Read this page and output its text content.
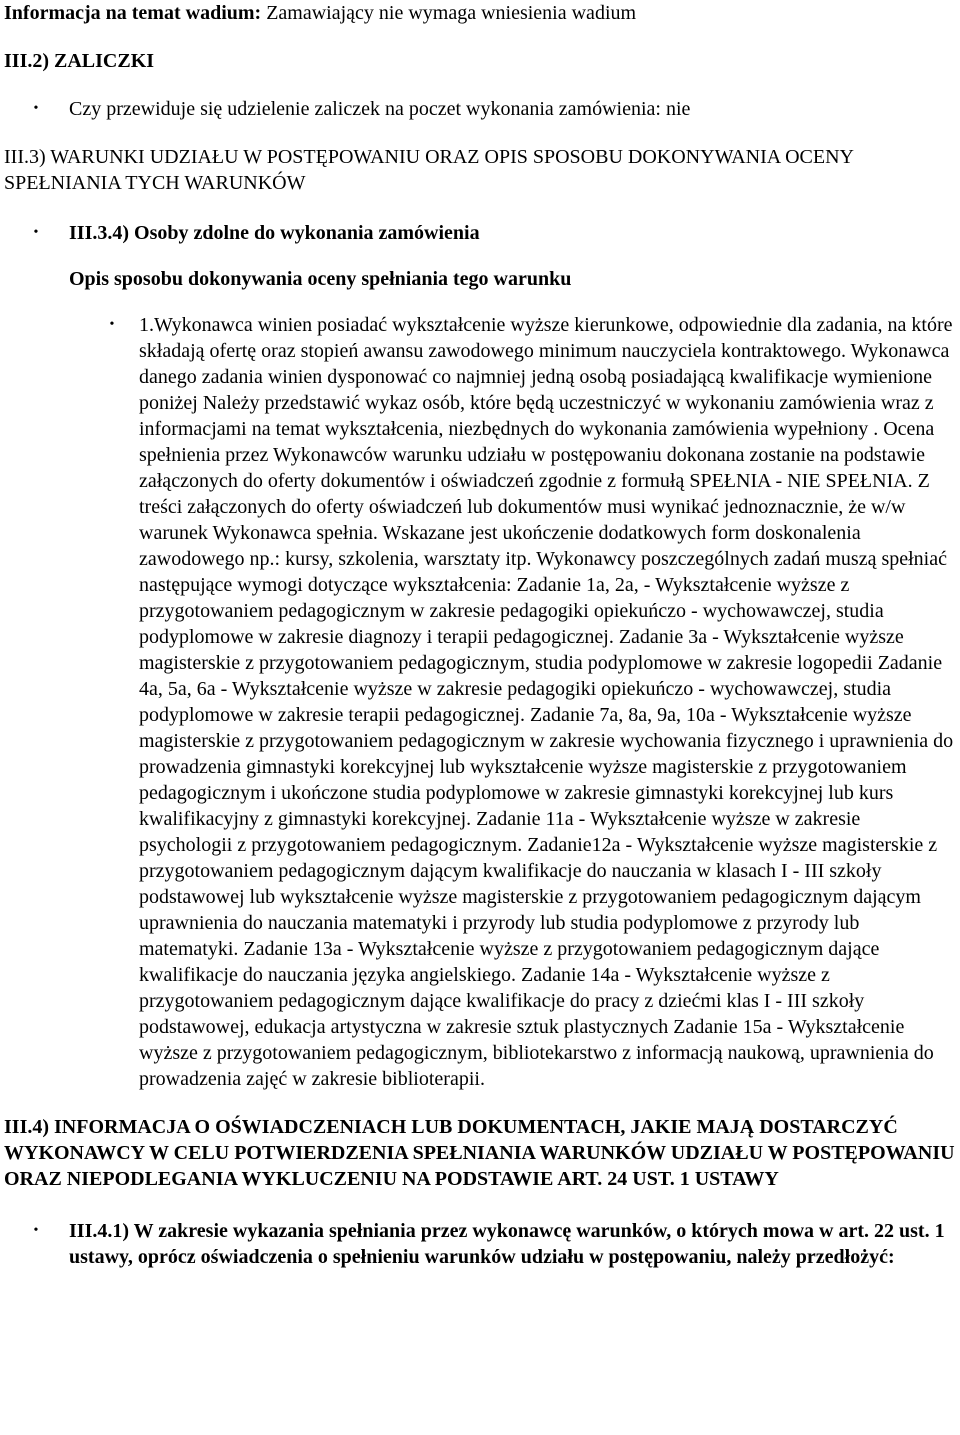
Informacja na temat wadium: Zamawiający nie wymaga wniesienia wadium

III.2) ZALICZKI

• Czy przewiduje się udzielenie zaliczek na poczet wykonania zamówienia: nie

III.3) WARUNKI UDZIAŁU W POSTĘPOWANIU ORAZ OPIS SPOSOBU DOKONYWANIA OCENY SPEŁNIANIA TYCH WARUNKÓW

• III.3.4) Osoby zdolne do wykonania zamówienia

Opis sposobu dokonywania oceny spełniania tego warunku

• 1.Wykonawca winien posiadać wykształcenie wyższe kierunkowe, odpowiednie dla zadania, na które składają ofertę oraz stopień awansu zawodowego minimum nauczyciela kontraktowego. Wykonawca danego zadania winien dysponować co najmniej jedną osobą posiadającą kwalifikacje wymienione poniżej Należy przedstawić wykaz osób, które będą uczestniczyć w wykonaniu zamówienia wraz z informacjami na temat wykształcenia, niezbędnych do wykonania zamówienia wypełniony . Ocena spełnienia przez Wykonawców warunku udziału w postępowaniu dokonana zostanie na podstawie załączonych do oferty dokumentów i oświadczeń zgodnie z formułą SPEŁNIA - NIE SPEŁNIA. Z treści załączonych do oferty oświadczeń lub dokumentów musi wynikać jednoznacznie, że w/w warunek Wykonawca spełnia. Wskazane jest ukończenie dodatkowych form doskonalenia zawodowego np.: kursy, szkolenia, warsztaty itp. Wykonawcy poszczególnych zadań muszą spełniać następujące wymogi dotyczące wykształcenia: Zadanie 1a, 2a, - Wykształcenie wyższe z przygotowaniem pedagogicznym w zakresie pedagogiki opiekuńczo - wychowawczej, studia podyplomowe w zakresie diagnozy i terapii pedagogicznej. Zadanie 3a - Wykształcenie wyższe magisterskie z przygotowaniem pedagogicznym, studia podyplomowe w zakresie logopedii Zadanie 4a, 5a, 6a - Wykształcenie wyższe w zakresie pedagogiki opiekuńczo - wychowawczej, studia podyplomowe w zakresie terapii pedagogicznej. Zadanie 7a, 8a, 9a, 10a - Wykształcenie wyższe magisterskie z przygotowaniem pedagogicznym w zakresie wychowania fizycznego i uprawnienia do prowadzenia gimnastyki korekcyjnej lub wykształcenie wyższe magisterskie z przygotowaniem pedagogicznym i ukończone studia podyplomowe w zakresie gimnastyki korekcyjnej lub kurs kwalifikacyjny z gimnastyki korekcyjnej. Zadanie 11a - Wykształcenie wyższe w zakresie psychologii z przygotowaniem pedagogicznym. Zadanie12a - Wykształcenie wyższe magisterskie z przygotowaniem pedagogicznym dającym kwalifikacje do nauczania w klasach I - III szkoły podstawowej lub wykształcenie wyższe magisterskie z przygotowaniem pedagogicznym dającym uprawnienia do nauczania matematyki i przyrody lub studia podyplomowe z przyrody lub matematyki. Zadanie 13a - Wykształcenie wyższe z przygotowaniem pedagogicznym dające kwalifikacje do nauczania języka angielskiego. Zadanie 14a - Wykształcenie wyższe z przygotowaniem pedagogicznym dające kwalifikacje do pracy z dziećmi klas I - III szkoły podstawowej, edukacja artystyczna w zakresie sztuk plastycznych Zadanie 15a - Wykształcenie wyższe z przygotowaniem pedagogicznym, bibliotekarstwo z informacją naukową, uprawnienia do prowadzenia zajęć w zakresie biblioterapii.

III.4) INFORMACJA O OŚWIADCZENIACH LUB DOKUMENTACH, JAKIE MAJĄ DOSTARCZYĆ WYKONAWCY W CELU POTWIERDZENIA SPEŁNIANIA WARUNKÓW UDZIAŁU W POSTĘPOWANIU ORAZ NIEPODLEGANIA WYKLUCZENIU NA PODSTAWIE ART. 24 UST. 1 USTAWY

• III.4.1) W zakresie wykazania spełniania przez wykonawcę warunków, o których mowa w art. 22 ust. 1 ustawy, oprócz oświadczenia o spełnieniu warunków udziału w postępowaniu, należy przedłożyć:
